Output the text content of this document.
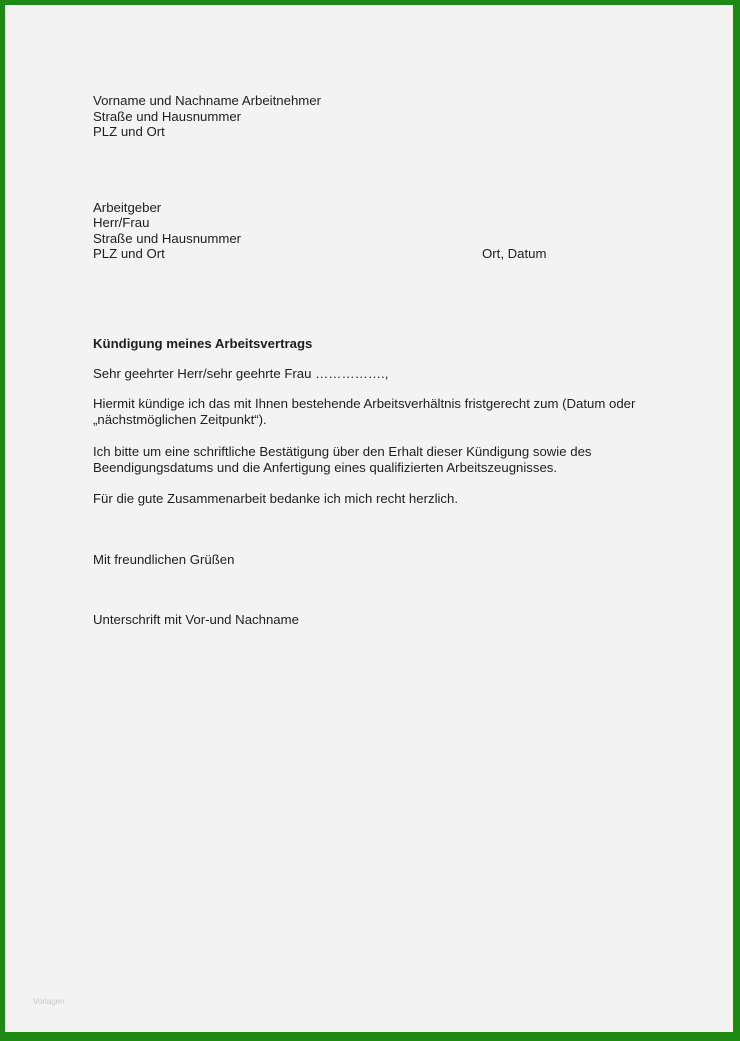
Vorname und Nachname Arbeitnehmer
Straße und Hausnummer
PLZ und Ort
Arbeitgeber
Herr/Frau
Straße und Hausnummer
PLZ und Ort	Ort, Datum
Kündigung meines Arbeitsvertrags
Sehr geehrter Herr/sehr geehrte Frau …………….,
Hiermit kündige ich das mit Ihnen bestehende Arbeitsverhältnis fristgerecht zum (Datum oder
„nächstmöglichen Zeitpunkt“).
Ich bitte um eine schriftliche Bestätigung über den Erhalt dieser Kündigung sowie des
Beendigungsdatums und die Anfertigung eines qualifizierten Arbeitszeugnisses.
Für die gute Zusammenarbeit bedanke ich mich recht herzlich.
Mit freundlichen Grüßen
Unterschrift mit Vor-und Nachname
Vorlagen
